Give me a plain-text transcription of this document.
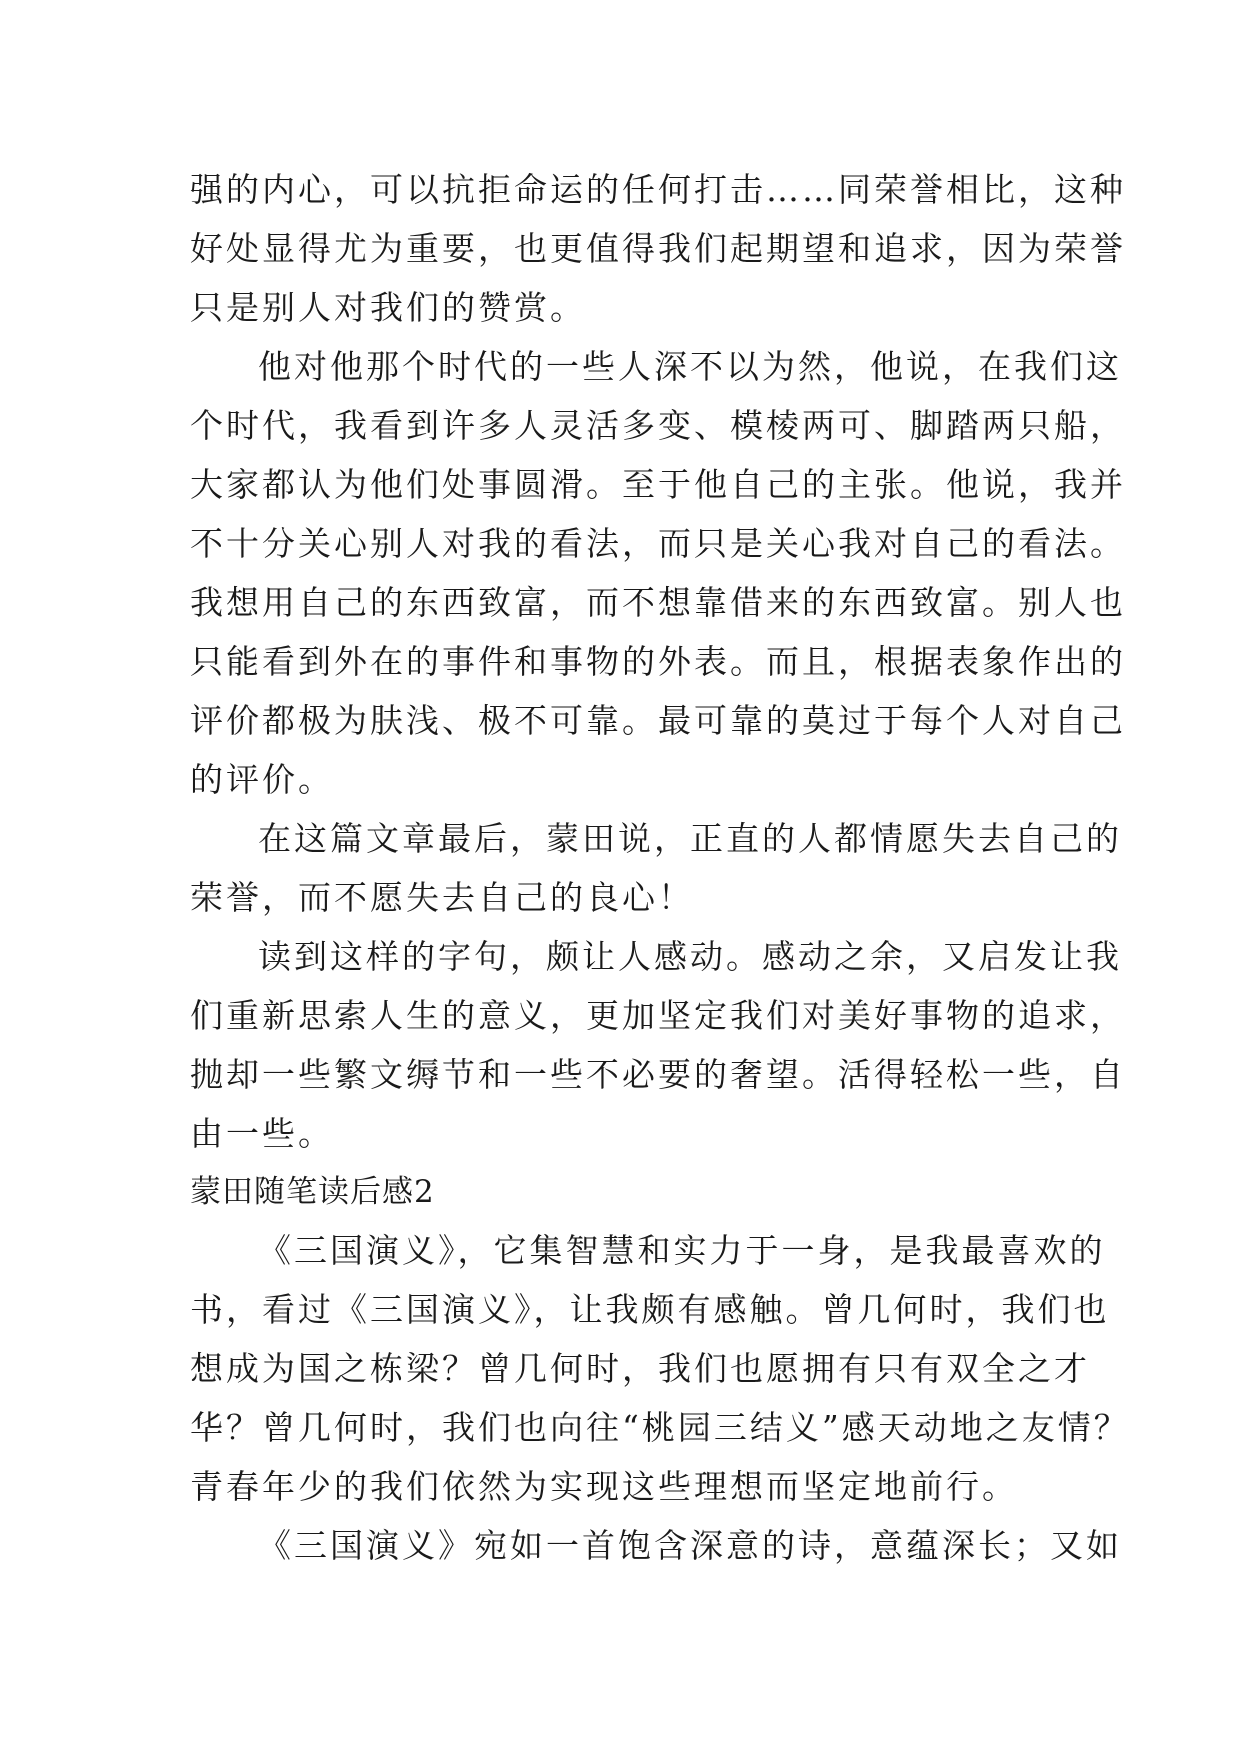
强的内心，可以抗拒命运的任何打击……同荣誉相比，这种
好处显得尤为重要，也更值得我们起期望和追求，因为荣誉
只是别人对我们的赞赏。
他对他那个时代的一些人深不以为然，他说，在我们这
个时代，我看到许多人灵活多变、模棱两可、脚踏两只船，
大家都认为他们处事圆滑。至于他自己的主张。他说，我并
不十分关心别人对我的看法，而只是关心我对自己的看法。
我想用自己的东西致富，而不想靠借来的东西致富。别人也
只能看到外在的事件和事物的外表。而且，根据表象作出的
评价都极为肤浅、极不可靠。最可靠的莫过于每个人对自己
的评价。
在这篇文章最后，蒙田说，正直的人都情愿失去自己的
荣誉，而不愿失去自己的良心！
读到这样的字句，颇让人感动。感动之余，又启发让我
们重新思索人生的意义，更加坚定我们对美好事物的追求，
抛却一些繁文缛节和一些不必要的奢望。活得轻松一些，自
由一些。
蒙田随笔读后感2
《三国演义》，它集智慧和实力于一身，是我最喜欢的
书，看过《三国演义》，让我颇有感触。曾几何时，我们也
想成为国之栋梁？曾几何时，我们也愿拥有只有双全之才
华？曾几何时，我们也向往“桃园三结义”感天动地之友情？
青春年少的我们依然为实现这些理想而坚定地前行。
《三国演义》宛如一首饱含深意的诗，意蕴深长；又如
